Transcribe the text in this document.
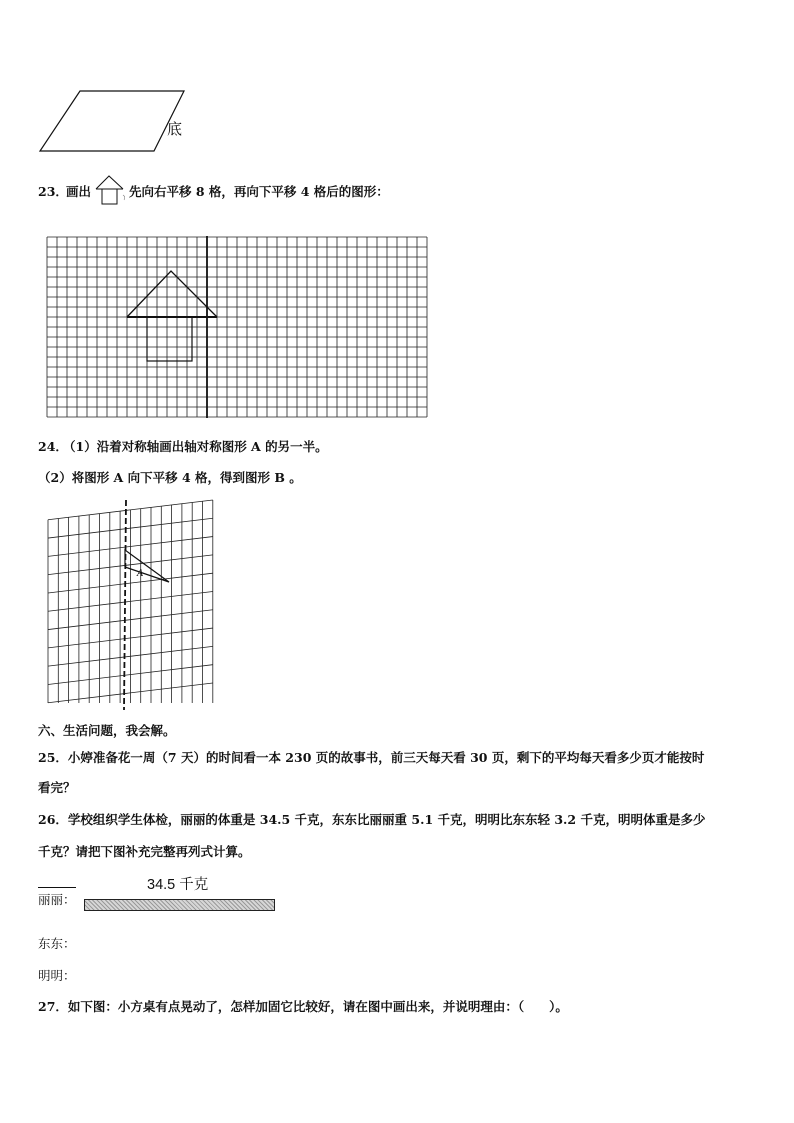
底
23．
画出	先向右平移 8 格，再向下平移 4 格后的图形：
24．
（1）沿着对称轴画出轴对称图形 A 的另一半。
（2）将图形 A 向下平移 4 格，得到图形 B 。
A
六、生活问题，我会解。
25．小婷准备花一周（7 天）的时间看一本 230 页的故事书，前三天每天看 30 页，剩下的平均每天看多少页才能按时
看完？
26．学校组织学生体检，丽丽的体重是 34.5 千克，东东比丽丽重 5.1 千克，明明比东东轻 3.2 千克，明明体重是多少
千克？请把下图补充完整再列式计算。
丽丽：
34.5 千克
东东：
明明：
27．如下图：小方桌有点晃动了，怎样加固它比较好，请在图中画出来，并说明理由：（　　）。
